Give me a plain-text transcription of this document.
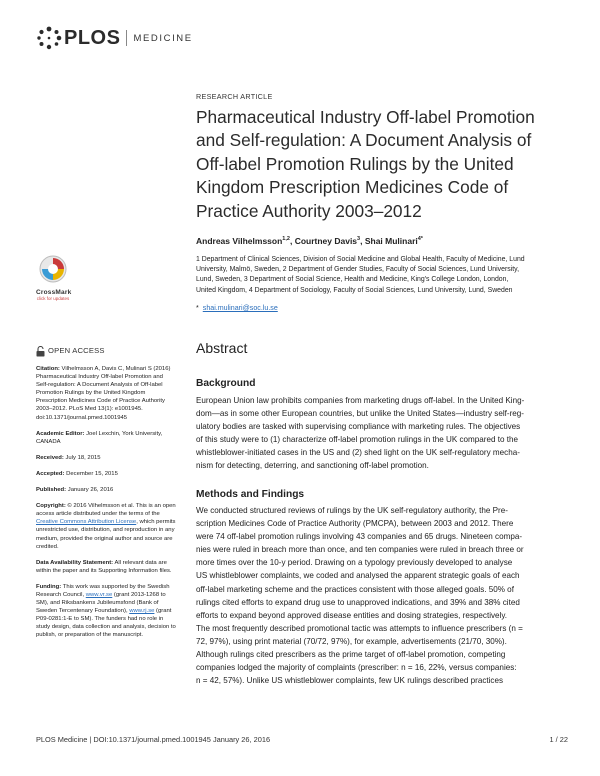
PLOS MEDICINE
CrossMark
click for updates
OPEN ACCESS
Citation: Vilhelmsson A, Davis C, Mulinari S (2016)
Pharmaceutical Industry Off-label Promotion and
Self-regulation: A Document Analysis of Off-label
Promotion Rulings by the United Kingdom
Prescription Medicines Code of Practice Authority
2003–2012. PLoS Med 13(1): e1001945.
doi:10.1371/journal.pmed.1001945
Academic Editor: Joel Lexchin, York University,
CANADA
Received: July 18, 2015
Accepted: December 15, 2015
Published: January 26, 2016
Copyright: © 2016 Vilhelmsson et al. This is an open
access article distributed under the terms of the
Creative Commons Attribution License, which permits
unrestricted use, distribution, and reproduction in any
medium, provided the original author and source are
credited.
Data Availability Statement: All relevant data are
within the paper and its Supporting Information files.
Funding: This work was supported by the Swedish
Research Council, www.vr.se (grant 2013-1268 to
SM), and Riksbankens Jubileumsfond (Bank of
Sweden Tercentenary Foundation), www.rj.se (grant
P09-0281:1-E to SM). The funders had no role in
study design, data collection and analysis, decision to
publish, or preparation of the manuscript.
RESEARCH ARTICLE
Pharmaceutical Industry Off-label Promotion
and Self-regulation: A Document Analysis of
Off-label Promotion Rulings by the United
Kingdom Prescription Medicines Code of
Practice Authority 2003–2012
Andreas Vilhelmsson$^{1,2}$, Courtney Davis$^3$, Shai Mulinari$^{4*}$
1 Department of Clinical Sciences, Division of Social Medicine and Global Health, Faculty of Medicine, Lund
University, Malmö, Sweden, 2 Department of Gender Studies, Faculty of Social Sciences, Lund University,
Lund, Sweden, 3 Department of Social Science, Health and Medicine, King's College London, London,
United Kingdom, 4 Department of Sociology, Faculty of Social Sciences, Lund University, Lund, Sweden
* shai.mulinari@soc.lu.se
Abstract
Background
European Union law prohibits companies from marketing drugs off-label. In the United King-
dom—as in some other European countries, but unlike the United States—industry self-reg-
ulatory bodies are tasked with supervising compliance with marketing rules. The objectives
of this study were to (1) characterize off-label promotion rulings in the UK compared to the
whistleblower-initiated cases in the US and (2) shed light on the UK self-regulatory mecha-
nism for detecting, deterring, and sanctioning off-label promotion.
Methods and Findings
We conducted structured reviews of rulings by the UK self-regulatory authority, the Pre-
scription Medicines Code of Practice Authority (PMCPA), between 2003 and 2012. There
were 74 off-label promotion rulings involving 43 companies and 65 drugs. Nineteen compa-
nies were ruled in breach more than once, and ten companies were ruled in breach three or
more times over the 10-y period. Drawing on a typology previously developed to analyse
US whistleblower complaints, we coded and analysed the apparent strategic goals of each
off-label marketing scheme and the practices consistent with those alleged goals. 50% of
rulings cited efforts to expand drug use to unapproved indications, and 39% and 38% cited
efforts to expand beyond approved disease entities and dosing strategies, respectively.
The most frequently described promotional tactic was attempts to influence prescribers (n =
72, 97%), using print material (70/72, 97%), for example, advertisements (21/70, 30%).
Although rulings cited prescribers as the prime target of off-label promotion, competing
companies lodged the majority of complaints (prescriber: n = 16, 22%, versus companies:
n = 42, 57%). Unlike US whistleblower complaints, few UK rulings described practices
PLOS Medicine | DOI:10.1371/journal.pmed.1001945 January 26, 2016	1 / 22
